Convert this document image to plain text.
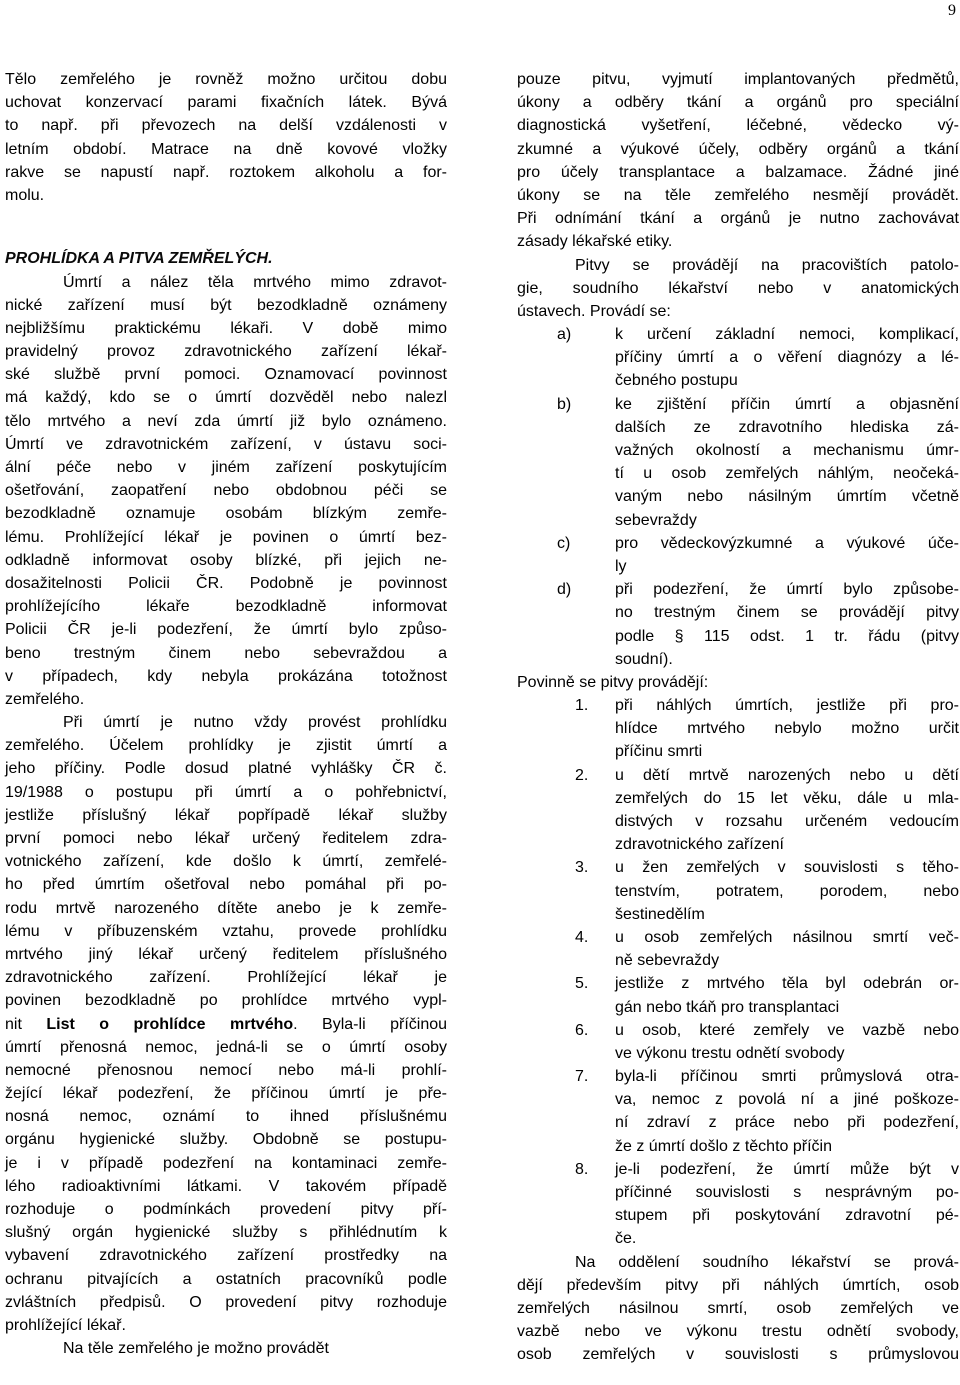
9
Tělo zemřelého je rovněž možno určitou dobu
uchovat konzervací parami fixačních látek. Bývá
to např. při převozech na delší vzdálenosti v
letním období. Matrace na dně kovové vložky
rakve se napustí např. roztokem alkoholu a for-
molu.
PROHLÍDKA A PITVA ZEMŘELÝCH.
Úmrtí a nález těla mrtvého mimo zdravot-
nické zařízení musí být bezodkladně oznámeny
nejbližšímu praktickému lékaři. V době mimo
pravidelný provoz zdravotnického zařízení lékař-
ské službě první pomoci. Oznamovací povinnost
má každý, kdo se o úmrtí dozvěděl nebo nalezl
tělo mrtvého a neví zda úmrtí již bylo oznámeno.
Úmrtí ve zdravotnickém zařízení, v ústavu soci-
ální péče nebo v jiném zařízení poskytujícím
ošetřování, zaopatření nebo obdobnou péči se
bezodkladně oznamuje osobám blízkým zemře-
lému. Prohlížející lékař je povinen o úmrtí bez-
odkladně informovat osoby blízké, při jejich ne-
dosažitelnosti Policii ČR. Podobně je povinnost
prohlížejícího lékaře bezodkladně informovat
Policii ČR je-li podezření, že úmrtí bylo způso-
beno trestným činem nebo sebevraždou a
v případech, kdy nebyla prokázána totožnost
zemřelého.
Při úmrtí je nutno vždy provést prohlídku
zemřelého. Účelem prohlídky je zjistit úmrtí a
jeho příčiny. Podle dosud platné vyhlášky ČR č.
19/1988 o postupu při úmrtí a o pohřebnictví,
jestliže příslušný lékař popřípadě lékař služby
první pomoci nebo lékař určený ředitelem zdra-
votnického zařízení, kde došlo k úmrtí, zemřelé-
ho před úmrtím ošetřoval nebo pomáhal při po-
rodu mrtvě narozeného dítěte anebo je k zemře-
lému v příbuzenském vztahu, provede prohlídku
mrtvého jiný lékař určený ředitelem příslušného
zdravotnického zařízení. Prohlížející lékař je
povinen bezodkladně po prohlídce mrtvého vypl-
nit List o prohlídce mrtvého. Byla-li příčinou
úmrtí přenosná nemoc, jedná-li se o úmrtí osoby
nemocné přenosnou nemocí nebo má-li prohlí-
žející lékař podezření, že příčinou úmrtí je pře-
nosná nemoc, oznámí to ihned příslušnému
orgánu hygienické služby. Obdobně se postupu-
je i v případě podezření na kontaminaci zemře-
lého radioaktivními látkami. V takovém případě
rozhoduje o podmínkách provedení pitvy pří-
slušný orgán hygienické služby s přihlédnutím k
vybavení zdravotnického zařízení prostředky na
ochranu pitvajících a ostatních pracovníků podle
zvláštních předpisů. O provedení pitvy rozhoduje
prohlížející lékař.
Na těle zemřelého je možno provádět
pouze pitvu, vyjmutí implantovaných předmětů,
úkony a odběry tkání a orgánů pro speciální
diagnostická vyšetření, léčebné, vědecko vý-
zkumné a výukové účely, odběry orgánů a tkání
pro účely transplantace a balzamace. Žádné jiné
úkony se na těle zemřelého nesmějí provádět.
Při odnímání tkání a orgánů je nutno zachovávat
zásady lékařské etiky.
Pitvy se provádějí na pracovištích patolo-
gie, soudního lékařství nebo v anatomických
ústavech. Provádí se:
a)	k určení základní nemoci, komplikací,
příčiny úmrtí a o věření diagnózy a lé-
čebného postupu
b)	ke zjištění příčin úmrtí a objasnění
dalších ze zdravotního hlediska zá-
važných okolností a mechanismu úmr-
tí u osob zemřelých náhlým, neočeká-
vaným nebo násilným úmrtím včetně
sebevraždy
c)	pro vědeckovýzkumné a výukové úče-
ly
d)	při podezření, že úmrtí bylo způsobe-
no trestným činem se provádějí pitvy
podle § 115 odst. 1 tr. řádu (pitvy
soudní).
Povinně se pitvy provádějí:
1.	při náhlých úmrtích, jestliže při pro-
hlídce mrtvého nebylo možno určit
příčinu smrti
2.	u dětí mrtvě narozených nebo u dětí
zemřelých do 15 let věku, dále u mla-
distvých v rozsahu určeném vedoucím
zdravotnického zařízení
3.	u žen zemřelých v souvislosti s těho-
tenstvím, potratem, porodem, nebo
šestinedělím
4.	u osob zemřelých násilnou smrtí več-
ně sebevraždy
5.	jestliže z mrtvého těla byl odebrán or-
gán nebo tkáň pro transplantaci
6.	u osob, které zemřely ve vazbě nebo
ve výkonu trestu odnětí svobody
7.	byla-li příčinou smrti průmyslová otra-
va, nemoc z povolá ní a jiné poškoze-
ní zdraví z práce nebo při podezření,
že z úmrtí došlo z těchto příčin
8.	je-li podezření, že úmrtí může být v
příčinné souvislosti s nesprávným po-
stupem při poskytování zdravotní pé-
če.
Na oddělení soudního lékařství se prová-
dějí především pitvy při náhlých úmrtích, osob
zemřelých násilnou smrtí, osob zemřelých ve
vazbě nebo ve výkonu trestu odnětí svobody,
osob zemřelých v souvislosti s průmyslovou
